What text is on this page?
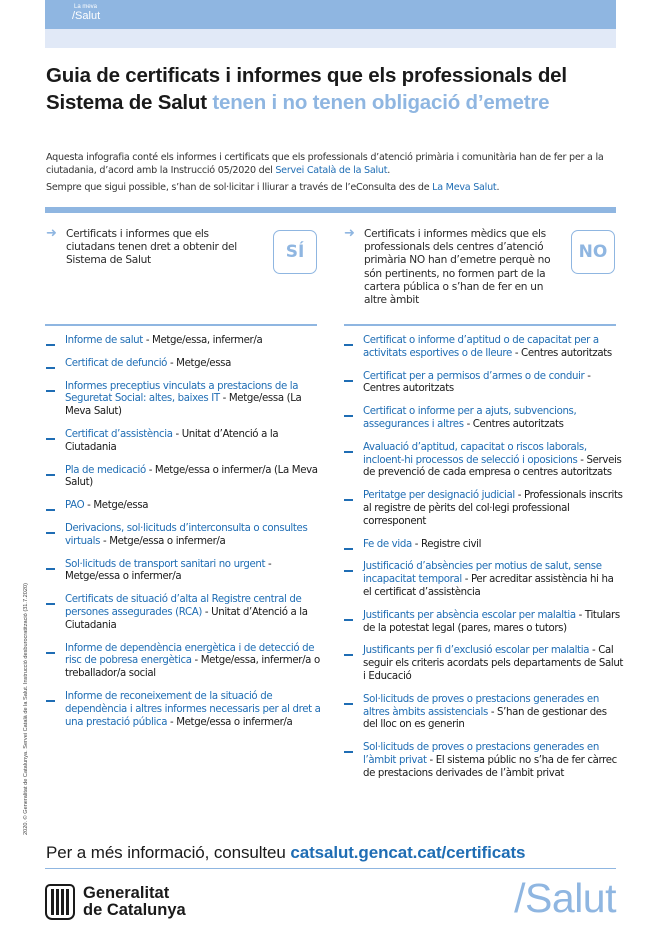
La meva
/Salut
Guia de certificats i informes que els professionals del
Sistema de Salut tenen i no tenen obligació d’emetre

Aquesta infografia conté els informes i certificats que els professionals d’atenció primària i comunitària han de fer per a la ciutadania, d’acord amb la Instrucció 05/2020 del Servei Català de la Salut.

Sempre que sigui possible, s’han de sol·licitar i lliurar a través de l’eConsulta des de La Meva Salut.

➜ Certificats i informes que els ciutadans tenen dret a obtenir del Sistema de Salut	SÍ
➜ Certificats i informes mèdics que els professionals dels centres d’atenció primària NO han d’emetre perquè no són pertinents, no formen part de la cartera pública o s’han de fer en un altre àmbit
NO
Informe de salut - Metge/essa, infermer/a
Certificat de defunció - Metge/essa
Informes preceptius vinculats a prestacions de la Seguretat Social: altes, baixes IT - Metge/essa (La Meva Salut)
Certificat d’assistència - Unitat d’Atenció a la Ciutadania
Pla de medicació - Metge/essa o infermer/a (La Meva Salut)
PAO - Metge/essa
Derivacions, sol·licituds d’interconsulta o consultes virtuals - Metge/essa o infermer/a
Sol·licituds de transport sanitari no urgent - Metge/essa o infermer/a
Certificats de situació d’alta al Registre central de persones assegurades (RCA) - Unitat d’Atenció a la Ciutadania
Informe de dependència energètica i de detecció de risc de pobresa energètica - Metge/essa, infermer/a o treballador/a social
Informe de reconeixement de la situació de dependència i altres informes necessaris per al dret a una prestació pública - Metge/essa o infermer/a
Certificat o informe d’aptitud o de capacitat per a activitats esportives o de lleure - Centres autoritzats
Certificat per a permisos d’armes o de conduir - Centres autoritzats
Certificat o informe per a ajuts, subvencions, assegurances i altres - Centres autoritzats
Avaluació d’aptitud, capacitat o riscos laborals, incloent-hi processos de selecció i oposicions - Serveis de prevenció de cada empresa o centres autoritzats
Peritatge per designació judicial - Professionals inscrits al registre de pèrits del col·legi professional corresponent
Fe de vida - Registre civil
Justificació d’absències per motius de salut, sense incapacitat temporal - Per acreditar assistència hi ha el certificat d’assistència
Justificants per absència escolar per malaltia - Titulars de la potestat legal (pares, mares o tutors)
Justificants per fi d’exclusió escolar per malaltia - Cal seguir els criteris acordats pels departaments de Salut i Educació
Sol·licituds de proves o prestacions generades en altres àmbits assistencials - S’han de gestionar des del lloc on es generin
Sol·licituds de proves o prestacions generades en l’àmbit privat - El sistema públic no s’ha de fer càrrec de prestacions derivades de l’àmbit privat
2020. © Generalitat de Catalunya. Servei Català de la Salut. Instrucció desburocratització (31.7.2020)
Per a més informació, consulteu catsalut.gencat.cat/certificats
Generalitat
de Catalunya	/Salut
